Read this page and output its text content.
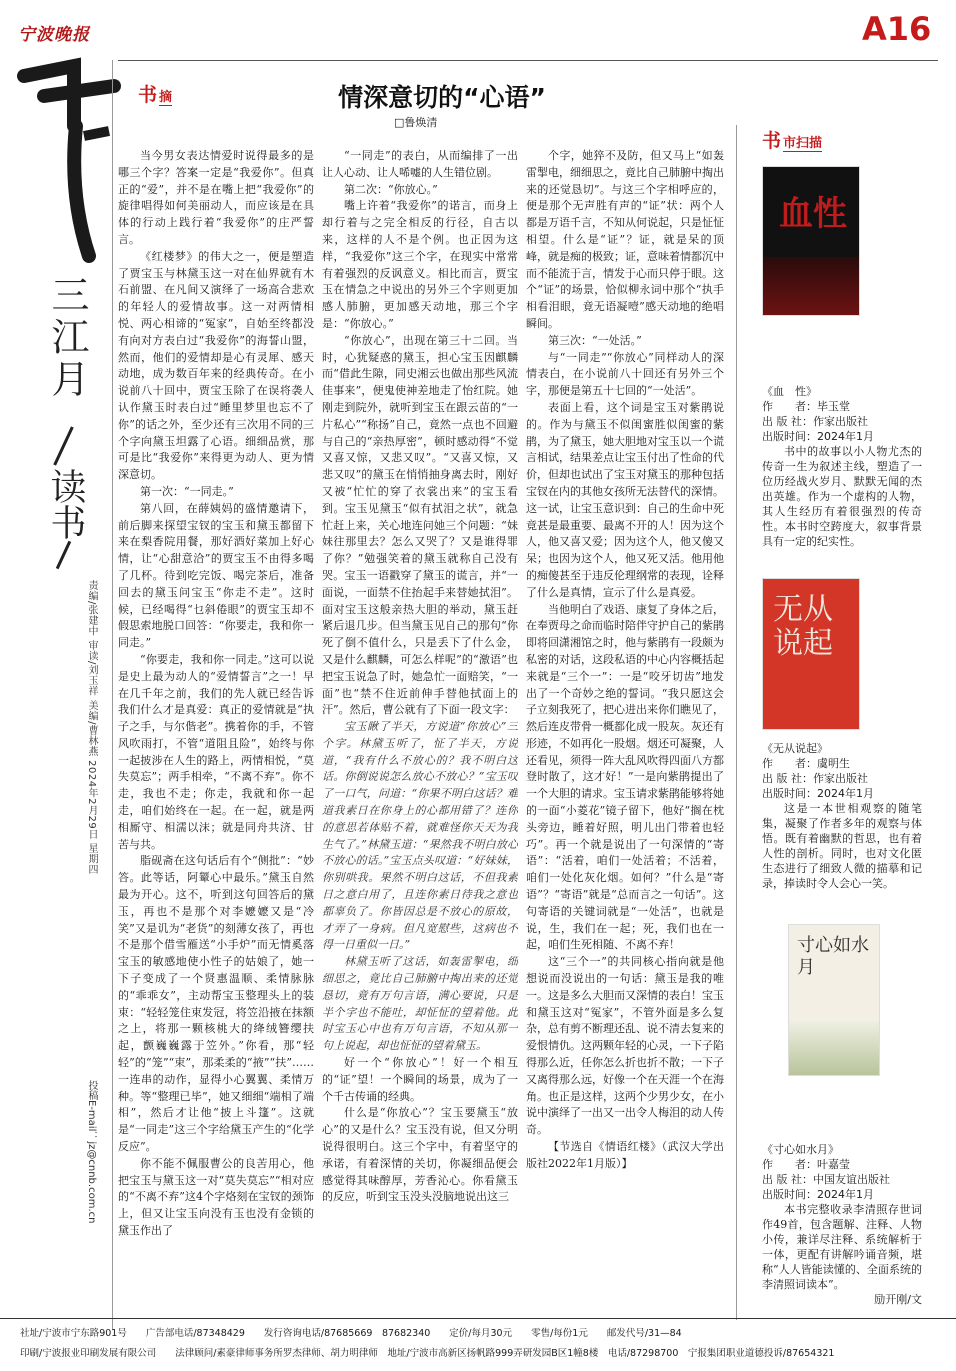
宁波晚报	A16
三江月
读书
责编/张建中 审读/刘玉祥 美编/曹林燕 2024年2月29日 星期四
投稿E-mail：jz@cnnb.com.cn
书 摘	情深意切的“心语”
□鲁焕清

当今男女表达情爱时说得最多的是哪三个字？答案一定是“我爱你”。但真正的“爱”，并不是在嘴上把“我爱你”的旋律唱得如何美丽动人，而应该是在具体的行动上践行着“我爱你”的庄严誓言。

《红楼梦》的伟大之一，便是塑造了贾宝玉与林黛玉这一对在仙界就有木石前盟、在凡间又演绎了一场高合悲欢的年轻人的爱情故事。这一对两情相悦、两心相谛的“冤家”，自始至终都没有向对方表白过“我爱你”的海誓山盟，然而，他们的爱情却是心有灵犀、感天动地，成为数百年来的经典传奇。在小说前八十回中，贾宝玉除了在误将袭人认作黛玉时表白过“睡里梦里也忘不了你”的话之外，至少还有三次用不同的三个字向黛玉坦露了心语。细细品赏，那可是比“我爱你”来得更为动人、更为情深意切。

第一次：“一同走。”

第八回，在薛姨妈的盛情邀请下，前后脚来探望宝钗的宝玉和黛玉都留下来在梨香院用餐，那好酒好菜加上好心情，让“心甜意洽”的贾宝玉不由得多喝了几杯。待到吃完饭、喝完茶后，准备回去的黛玉问宝玉“你走不走”。这时候，已经喝得“乜斜倦眼”的贾宝玉却不假思索地脱口回答：“你要走，我和你一同走。”

“你要走，我和你一同走。”这可以说是史上最为动人的“爱情誓言”之一！早在几千年之前，我们的先人就已经告诉我们什么才是真爱：真正的爱情就是“执子之手，与尔偕老”。携着你的手，不管风吹雨打，不管“道阻且险”，始终与你一起披涉在人生的路上，两情相悦，“莫失莫忘”；两手相牵，“不离不弃”。你不走，我也不走；你走，我就和你一起走，咱们始终在一起。在一起，就是两相厮守、相濡以沫；就是同舟共济、甘苦与共。

脂砚斋在这句话后有个“侧批”：“妙答。此等话，阿颦心中最乐。”黛玉自然最为开心。这不，听到这句回答后的黛玉，再也不是那个对李嬷嬷又是“冷笑”又是讥为“老货”的刻薄女孩了，再也不是那个借雪雁送“小手炉”而无情奚落宝玉的敏感地使小性子的姑娘了，她一下子变成了一个贤惠温顺、柔情脉脉的“乖乖女”，主动帮宝玉整理头上的装束：“轻轻笼住束发冠，将笠沿掖在抹额之上，将那一颗核桃大的绛绒簪缨扶起，颤巍巍露于笠外。”你看，那“轻轻”的“笼”“束”，那柔柔的“掖”“扶”……一连串的动作，显得小心翼翼、柔情万种。等“整理已毕”，她又细细“端相了端相”，然后才让他“披上斗篷”。这就是“一同走”这三个字给黛玉产生的“化学反应”。

你不能不佩服曹公的良苦用心，他把宝玉与黛玉这一对“莫失莫忘”“相对应的“不离不弃”这4个字烙刻在宝钗的颈饰上，但又让宝玉向没有玉也没有金锁的黛玉作出了

“一同走”的表白，从而编排了一出让人心动、让人唏嘘的人生错位剧。

第二次：“你放心。”

嘴上许着“我爱你”的诺言，而身上却行着与之完全相反的行径，自古以来，这样的人不是个例。也正因为这样，“我爱你”这三个字，在现实中常常有着强烈的反讽意义。相比而言，贾宝玉在情急之中说出的另外三个字则更加感人肺腑，更加感天动地，那三个字是：“你放心。”

“你放心”，出现在第三十二回。当时，心犹疑惑的黛玉，担心宝玉因麒麟而“借此生隙，同史湘云也做出那些风流佳事来”，便鬼使神差地走了怡红院。她刚走到院外，就听到宝玉在跟云苗的“一片私心”“称扬”自己，竟然一点也不回避与自己的“亲热厚密”，顿时感动得“不觉又喜又惊，又悲又叹”。“又喜又惊，又悲又叹”的黛玉在悄悄抽身离去时，刚好又被“忙忙的穿了衣裳出来”的宝玉看到。宝玉见黛玉“似有拭泪之状”，就急忙赶上来，关心地连问她三个问题：“妹妹往那里去？怎么又哭了？又是谁得罪了你？”勉强笑着的黛玉就称自己没有哭。宝玉一语戳穿了黛玉的谎言，并“一面说，一面禁不住抬起手来替她拭泪”。面对宝玉这般亲热大胆的举动，黛玉赶紧后退几步。但当黛玉见自己的那句“你死了倒不值什么，只是丢下了什么金，又是什么麒麟，可怎么样呢”的“激语”也把宝玉说急了时，她急忙一面赔笑，“一面”也“禁不住近前伸手替他拭面上的汗”。然后，曹公就有了下面一段文字：

宝玉瞅了半天，方说道“你放心”三个字。林黛玉听了，怔了半天，方说道，“我有什么不放心的？我不明白这话。你倒说说怎么放心不放心？”宝玉叹了一口气，问道：“你果不明白这话？难道我素日在你身上的心都用错了？连你的意思若体贴不着，就难怪你天天为我生气了。”林黛玉道：“果然我不明白放心不放心的话。”宝玉点头叹道：“好妹妹，你别哄我。果然不明白这话，不但我素日之意白用了，且连你素日待我之意也都辜负了。你皆因总是不放心的原故，才弄了一身病。但凡宽慰些，这病也不得一日重似一日。”

林黛玉听了这话，如轰雷掣电，细细思之，竟比自己肺腑中掏出来的还觉恳切，竟有万句言语，满心要说，只是半个字也不能吐，却怔怔的望着他。此时宝玉心中也有万句言语，不知从那一句上说起，却也怔怔的望着黛玉。

好一个“你放心”！好一个相互的“证”望！一个瞬间的场景，成为了一个千古传诵的经典。

什么是“你放心”？宝玉要黛玉“放心”的又是什么？宝玉没有说，但又分明说得很明白。这三个字中，有着坚守的承诺，有着深情的关切，你凝细品便会感觉得其味醇厚，芳香沁心。你看黛玉的反应，听到宝玉没头没脑地说出这三

个字，她猝不及防，但又马上“如轰雷掣电，细细思之，竟比自己肺腑中掏出来的还觉恳切”。与这三个字相呼应的，便是那个无声胜有声的“证”状：两个人都是万语千言，不知从何说起，只是怔怔相望。什么是“证”？证，就是呆的顶峰，就是痴的极致；证，意味着情都沉中而不能流于言，情发于心而只停于眼。这个“证”的场景，恰似柳永词中那个“执手相看泪眼，竟无语凝噎”感天动地的绝唱瞬间。

第三次：“一处活。”

与“一同走”“你放心”同样动人的深情表白，在小说前八十回还有另外三个字，那便是第五十七回的“一处活”。

表面上看，这个词是宝玉对紫鹃说的。作为与黛玉不似闺蜜胜似闺蜜的紫鹃，为了黛玉，她大胆地对宝玉以一个谎言相试，结果差点让宝玉付出了性命的代价，但却也试出了宝玉对黛玉的那种包括宝钗在内的其他女孩所无法替代的深情。这一试，让宝玉意识到：自己的生命中死竟甚是最重要、最离不开的人！因为这个人，他又喜又爱；因为这个人，他又傻又呆；也因为这个人，他又死又活。他用他的痴傻甚至于违反伦理纲常的表现，诠释了什么是真情，宣示了什么是真爱。

当他明白了戏语、康复了身体之后，在奉贾母之命而临时陪伴守护自己的紫鹃即将回潇湘馆之时，他与紫鹃有一段颇为私密的对话，这段私语的中心内容概括起来就是“三个一”：一是“咬牙切齿”地发出了一个奇妙之绝的誓词。“我只愿这会子立刻我死了，把心进出来你们瞧见了，然后连皮带骨一概都化成一股灰。灰还有形迹，不如再化一股烟。烟还可凝聚，人还看见，须得一阵大乱风吹得四面八方都登时散了，这才好！”一是向紫鹃提出了一个大胆的请求。宝玉请求紫鹃能够将她的一面“小菱花”镜子留下，他好“搁在枕头旁边，睡着好照，明儿出门带着也轻巧”。再一个就是说出了一句深情的“寄语”：“活着，咱们一处活着；不活着，咱们一处化灰化烟。如何？”什么是“寄语”？“寄语”就是“总而言之一句话”。这句寄语的关键词就是“一处活”，也就是说，生，我们在一起；死，我们也在一起，咱们生死相随、不离不弃！

这“三个一”的共同核心指向就是他想说而没说出的一句话：黛玉是我的唯一。这是多么大胆而又深情的表白！宝玉和黛玉这对“冤家”，不管外面是多么复杂，总有剪不断理还乱、说不清去复来的爱恨情仇。这两颗年轻的心灵，一下子陷得那么近，任你怎么折也折不散；一下子又离得那么远，好像一个在天涯一个在海角。也正是这样，这两个少男少女，在小说中演绎了一出又一出令人梅泪的动人传奇。

【节选自《情语红楼》（武汉大学出版社2022年1月版）】

书 市扫描
血性
《血　性》
作　　者：毕玉堂
出 版 社：作家出版社
出版时间：2024年1月

书中的故事以小人物尤杰的传奇一生为叙述主线，塑造了一位历经战火岁月、默默无闻的杰出英雄。作为一个虚构的人物，其人生经历有着很强烈的传奇性。本书时空跨度大，叙事背景具有一定的纪实性。

无从说起
《无从说起》
作　　者：虞明生
出 版 社：作家出版社
出版时间：2024年1月

这是一本世相观察的随笔集，凝聚了作者多年的观察与体悟。既有着幽默的哲思，也有着人性的剖析。同时，也对文化匿生态进行了细致人微的描摹和记录，捧读时令人会心一笑。

寸心如水月
《寸心如水月》
作　　者：叶嘉莹
出 版 社：中国友谊出版社
出版时间：2024年1月

本书完整收录李清照存世词作49首，包含题解、注释、人物小传，兼详尽注释、系统解析于一体，更配有讲解吟诵音频，堪称“人人皆能读懂的、全面系统的李清照词读本”。

励开刚/文
社址/宁波市宁东路901号　　广告部电话/87348429　　发行咨询电话/87685669　87682340　　定价/每月30元　　零售/每份1元　　邮发代号/31—84
印刷/宁波报业印刷发展有限公司　　法律顾问/素豪律师事务所罗杰律师、胡力明律师　地址/宁波市高新区扬帆路999弄研发园B区1幢8楼　电话/87298700　宁报集团职业道德投诉/87654321
